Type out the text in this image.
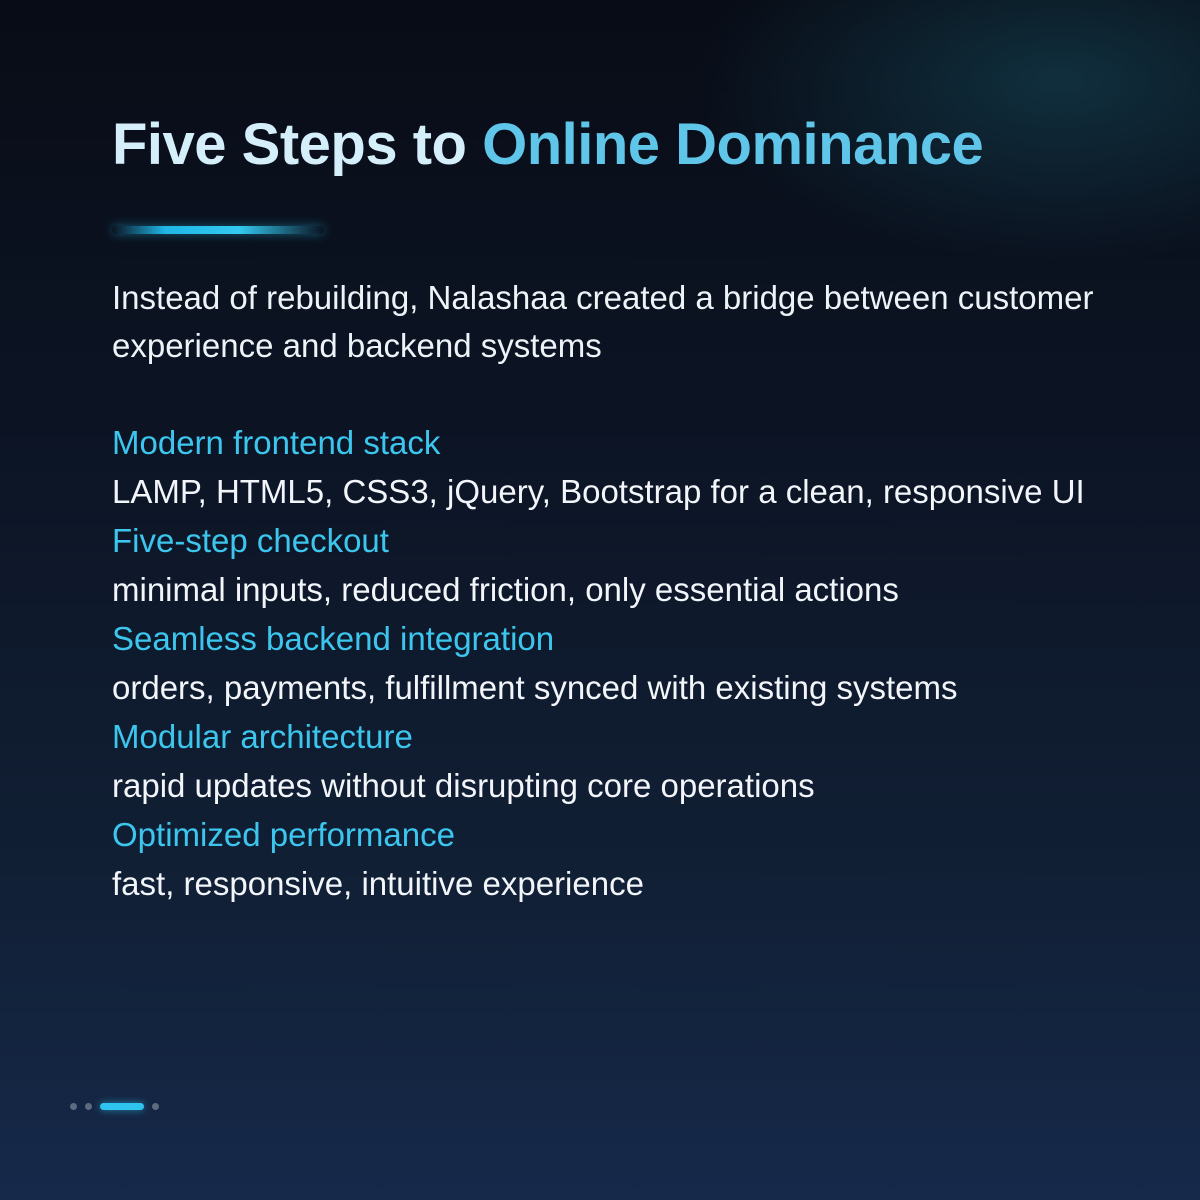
Five Steps to Online Dominance

Instead of rebuilding, Nalashaa created a bridge between customer experience and backend systems

Modern frontend stack

LAMP, HTML5, CSS3, jQuery, Bootstrap for a clean, responsive UI

Five-step checkout

minimal inputs, reduced friction, only essential actions

Seamless backend integration

orders, payments, fulfillment synced with existing systems

Modular architecture

rapid updates without disrupting core operations

Optimized performance

fast, responsive, intuitive experience
